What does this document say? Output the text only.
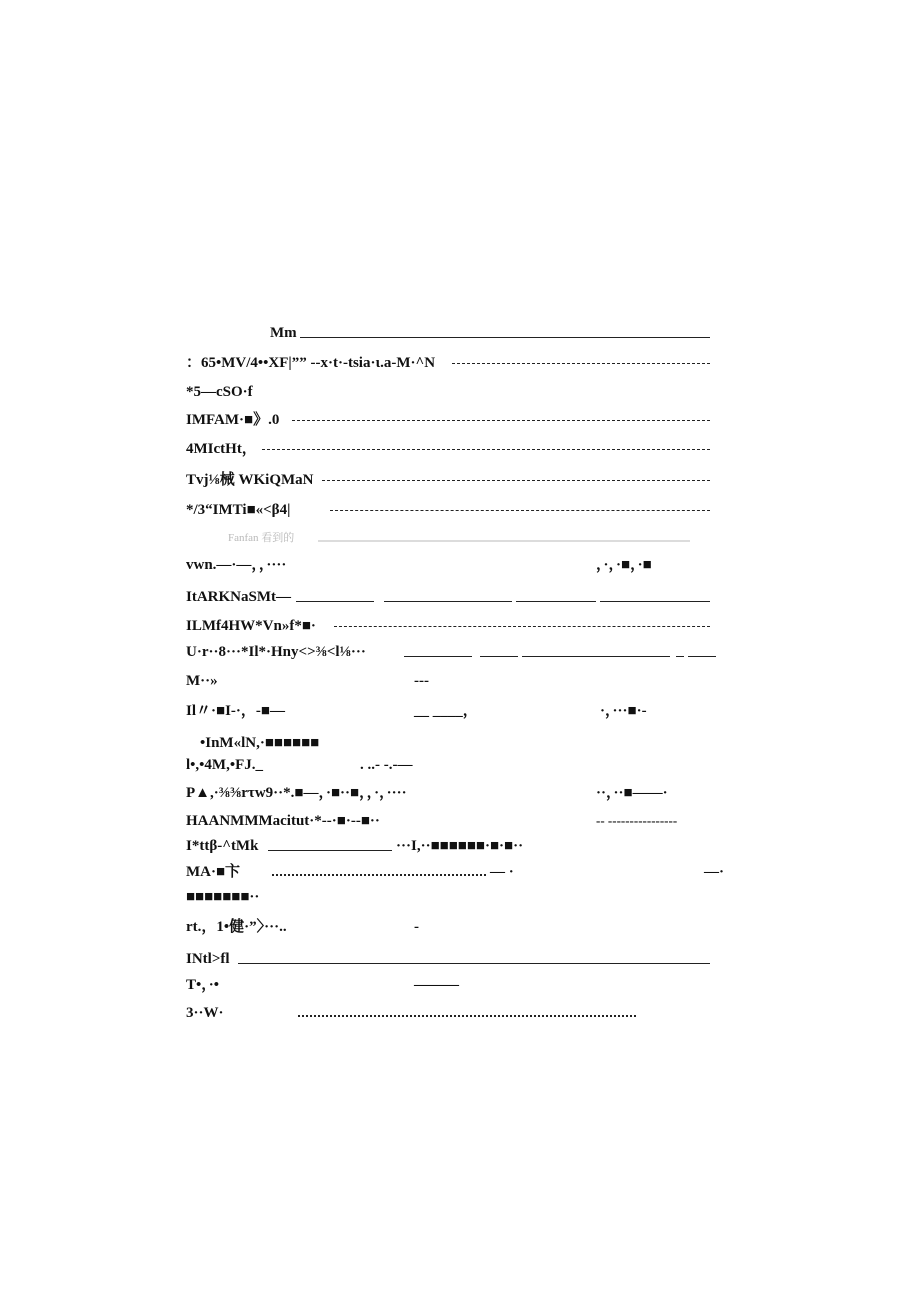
Mm
：65•MV/4••XF|”” --x·t·-tsia·ι.a-M·^N
*5—cSO·f
IMFAM·■》.0
4MIctHt，
Tvj⅛械 WKiQMaN
*/3“IMTi■«<β4|
Fanfan 看到的
vwn.—·—，，····	，·，·■，·■
ItARKNaSMt—
ILMf4HW*Vn»f*■·
U·r··8···*Il*·Hny<>⅜<l⅛···
M··»	---
Il〃·■I-·，-■—	__ ____，	·，···■·-
•InM«lN,·■■■■■■
l•,•4M,•FJ._	. ..- -.-—
P▲,·⅜⅜rτw9··*.■—，·■··■，，·，····	··，··■——·
HAANMMMacitut·*--·■·--■··	-- ----------------
I*ttβ-^tMk	···I,··■■■■■■·■·■··
MA·■卞	— ·	—·
■■■■■■■··
rt.，1•健·”〉···..	-
INtl>fl
T•，·•	———
3··W·
